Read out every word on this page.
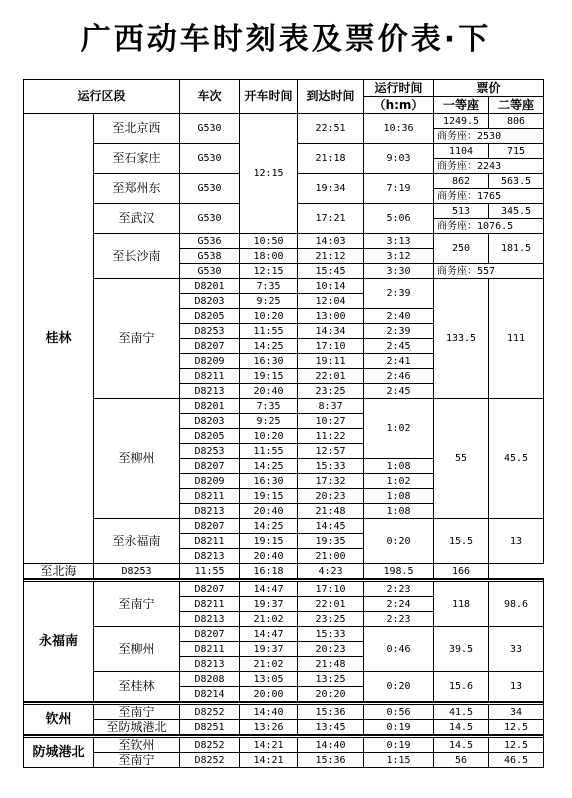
广西动车时刻表及票价表·下
运行区段		车次	开车时间	到达时间	运行时间	票价	
					（h:m）	一等座	二等座
桂林	至北京西	G530	12:15	22:51	10:36	1249.5	806
						商务座：2530	
	至石家庄	G530		21:18	9:03	1104	715
						商务座：2243	
	至郑州东	G530		19:34	7:19	862	563.5
						商务座：1765	
	至武汉	G530		17:21	5:06	513	345.5
						商务座：1076.5	
	至长沙南	G536	10:50	14:03	3:13	250	181.5
		G538	18:00	21:12	3:12		
		G530	12:15	15:45	3:30	商务座：557	
	至南宁	D8201	7:35	10:14	2:39	133.5	111
		D8203	9:25	12:04			
		D8205	10:20	13:00	2:40		
		D8253	11:55	14:34	2:39		
		D8207	14:25	17:10	2:45		
		D8209	16:30	19:11	2:41		
		D8211	19:15	22:01	2:46		
		D8213	20:40	23:25	2:45		
	至柳州	D8201	7:35	8:37	1:02	55	45.5
		D8203	9:25	10:27			
		D8205	10:20	11:22			
		D8253	11:55	12:57			
		D8207	14:25	15:33	1:08		
		D8209	16:30	17:32	1:02		
		D8211	19:15	20:23	1:08		
		D8213	20:40	21:48	1:08		
	至永福南	D8207	14:25	14:45	0:20	15.5	13
		D8211	19:15	19:35			
		D8213	20:40	21:00			
至北海	D8253	11:55	16:18	4:23	198.5	166	

永福南	至南宁	D8207	14:47	17:10	2:23	118	98.6
		D8211	19:37	22:01	2:24		
		D8213	21:02	23:25	2:23		
	至柳州	D8207	14:47	15:33	0:46	39.5	33
		D8211	19:37	20:23			
		D8213	21:02	21:48			
	至桂林	D8208	13:05	13:25	0:20	15.6	13
		D8214	20:00	20:20			

钦州	至南宁	D8252	14:40	15:36	0:56	41.5	34
	至防城港北	D8251	13:26	13:45	0:19	14.5	12.5

防城港北	至钦州	D8252	14:21	14:40	0:19	14.5	12.5
	至南宁	D8252	14:21	15:36	1:15	56	46.5
